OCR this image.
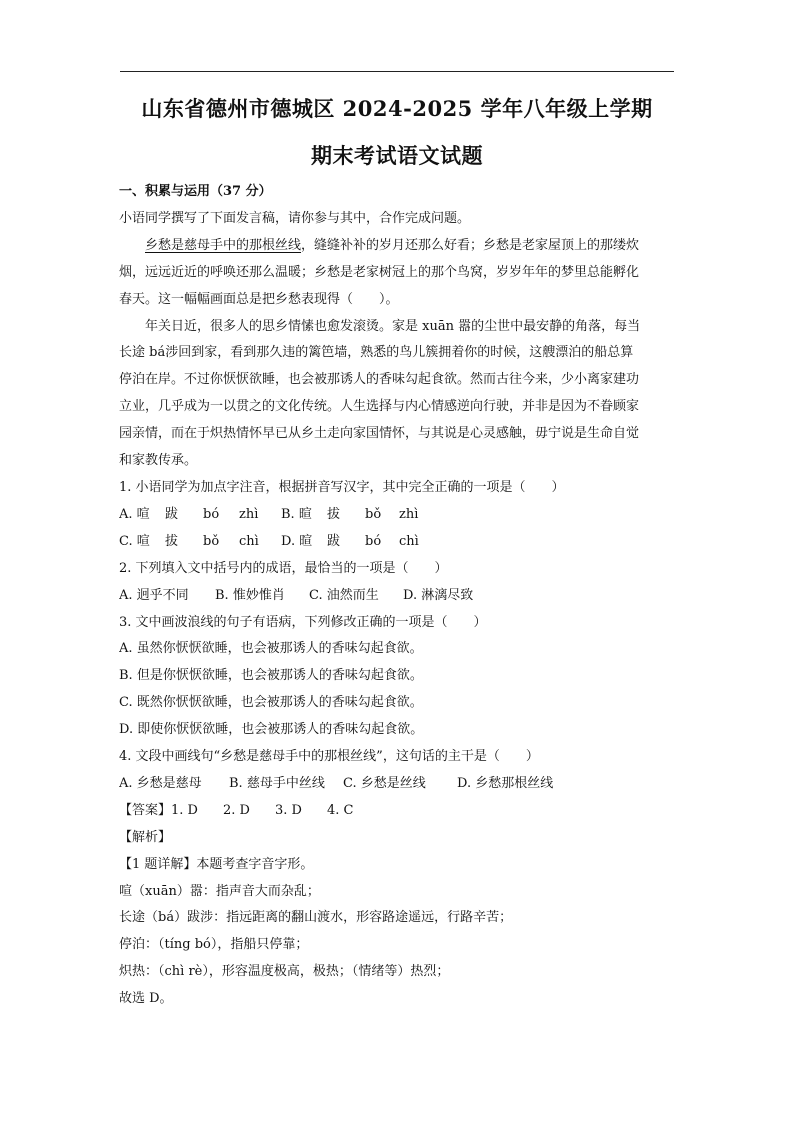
山东省德州市德城区 2024-2025 学年八年级上学期
期末考试语文试题

一、积累与运用（37 分）

小语同学撰写了下面发言稿，请你参与其中，合作完成问题。

乡愁是慈母手中的那根丝线，缝缝补补的岁月还那么好看；乡愁是老家屋顶上的那缕炊

烟，远远近近的呼唤还那么温暖；乡愁是老家树冠上的那个鸟窝，岁岁年年的梦里总能孵化

春天。这一幅幅画面总是把乡愁表现得（　　）。

年关日近，很多人的思乡情愫也愈发滚烫。家是 xuān 嚣的尘世中最安静的角落，每当

长途 bá涉回到家，看到那久违的篱笆墙，熟悉的鸟儿簇拥着你的时候，这艘漂泊的船总算

停泊在岸。不过你恹恹欲睡，也会被那诱人的香味勾起食欲。然而古往今来，少小离家建功

立业，几乎成为一以贯之的文化传统。人生选择与内心情感逆向行驶，并非是因为不眷顾家

园亲情，而在于炽热情怀早已从乡土走向家国情怀，与其说是心灵感触，毋宁说是生命自觉

和家教传承。

1. 小语同学为加点字注音，根据拼音写汉字，其中完全正确的一项是（　　）

A. 喧 跋 bó zhì B. 暄 拔 bǒ zhì

C. 喧 拔 bǒ chì D. 暄 跋 bó chì

2. 下列填入文中括号内的成语，最恰当的一项是（　　）

A. 迥乎不同 B. 惟妙惟肖 C. 油然而生 D. 淋漓尽致

3. 文中画波浪线的句子有语病，下列修改正确的一项是（　　）

A. 虽然你恹恹欲睡，也会被那诱人的香味勾起食欲。

B. 但是你恹恹欲睡，也会被那诱人的香味勾起食欲。

C. 既然你恹恹欲睡，也会被那诱人的香味勾起食欲。

D. 即使你恹恹欲睡，也会被那诱人的香味勾起食欲。

4. 文段中画线句“乡愁是慈母手中的那根丝线”，这句话的主干是（　　）

A. 乡愁是慈母 B. 慈母手中丝线 C. 乡愁是丝线 D. 乡愁那根丝线

【答案】1. D 2. D 3. D 4. C

【解析】

【1 题详解】本题考查字音字形。

喧（xuān）嚣：指声音大而杂乱；

长途（bá）跋涉：指远距离的翻山渡水，形容路途遥远，行路辛苦；

停泊：（tíng bó），指船只停靠；

炽热：（chì rè），形容温度极高，极热；（情绪等）热烈；

故选 D。
